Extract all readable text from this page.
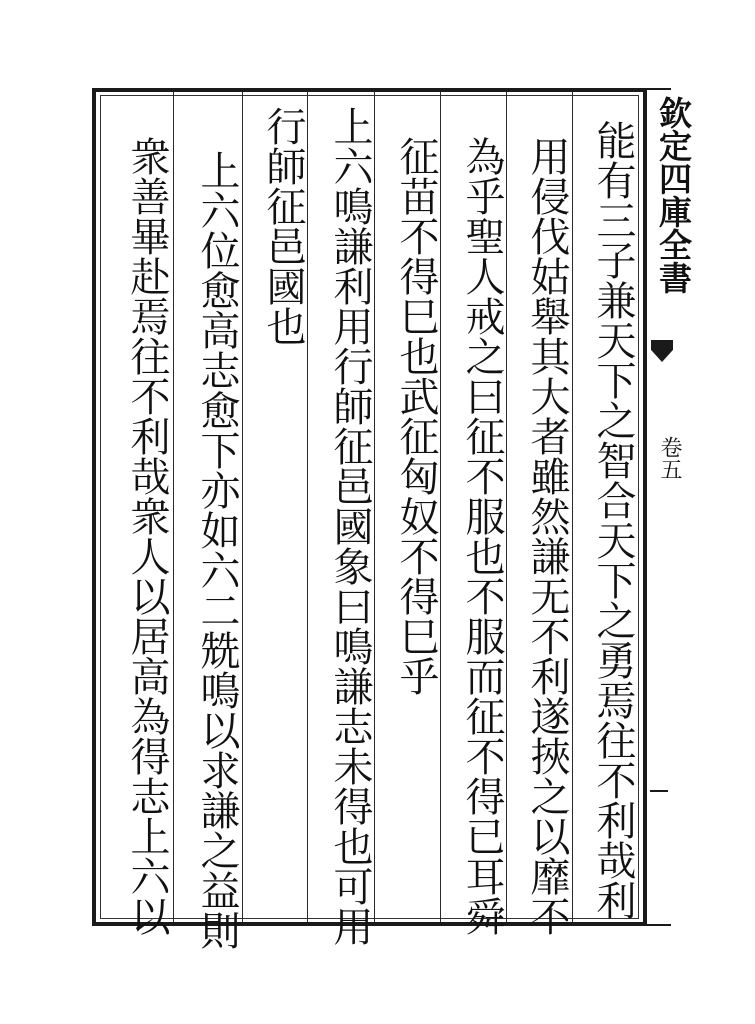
能有三子兼天下之智合天下之勇焉往不利哉利
用侵伐姑舉其大者雖然謙无不利遂挾之以靡不
為乎聖人戒之曰征不服也不服而征不得已耳舜
征苗不得巳也武征匈奴不得巳乎
上六鳴謙利用行師征邑國象曰鳴謙志未得也可用
行師征邑國也
上六位愈高志愈下亦如六二兟鳴以求謙之益則
衆善畢赴焉往不利哉衆人以居高為得志上六以	欽定四庫全書
卷五
